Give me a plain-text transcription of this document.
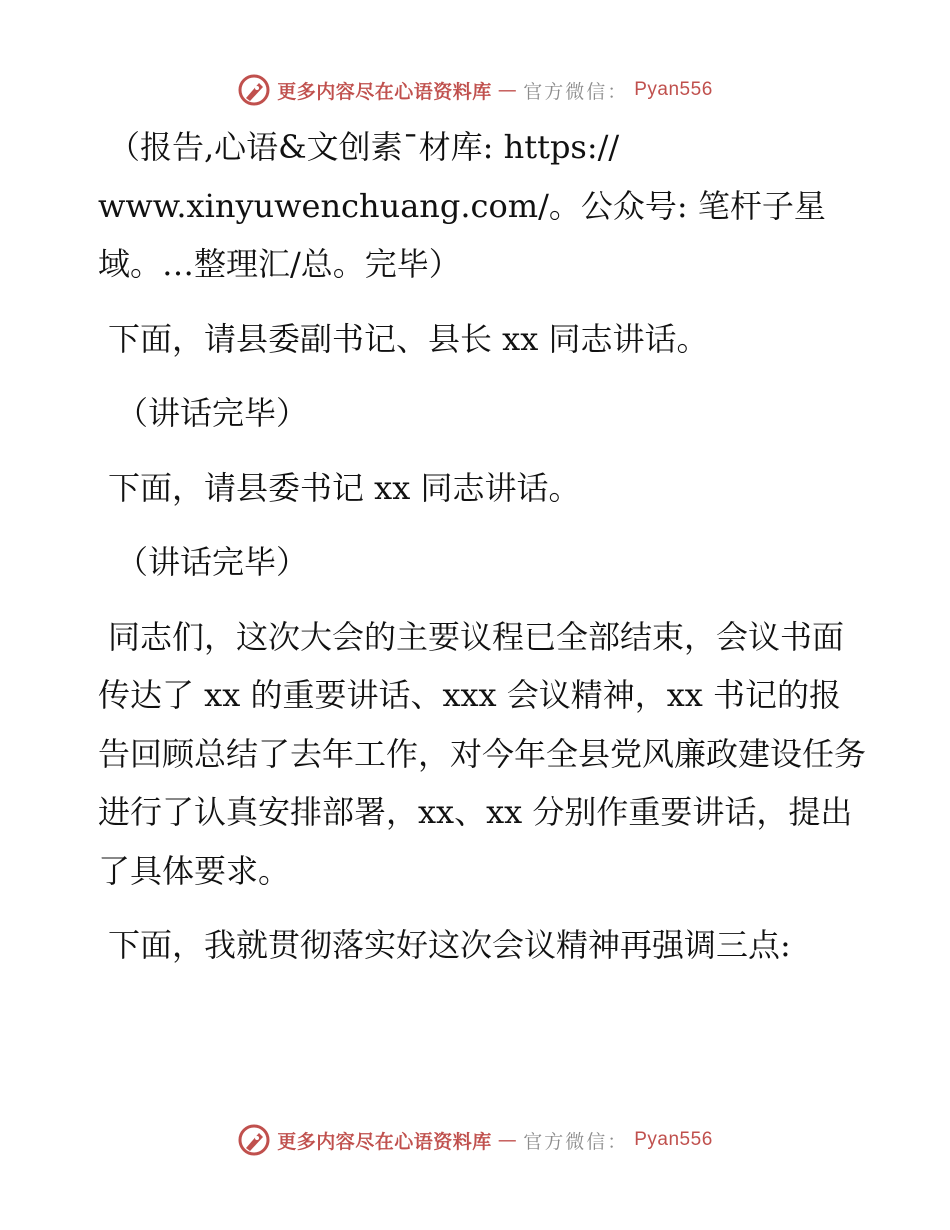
更多内容尽在心语资料库 — 官方微信： Pyan556

（报告,心语&文创素¯材库: https:// www.xinyuwenchuang.com/。公众号: 笔杆子星域。…整理汇/总。完毕）

下面，请县委副书记、县长 xx 同志讲话。

（讲话完毕）

下面，请县委书记 xx 同志讲话。

（讲话完毕）

同志们，这次大会的主要议程已全部结束，会议书面传达了 xx 的重要讲话、xxx 会议精神，xx 书记的报告回顾总结了去年工作，对今年全县党风廉政建设任务进行了认真安排部署，xx、xx 分别作重要讲话，提出了具体要求。

下面，我就贯彻落实好这次会议精神再强调三点:

更多内容尽在心语资料库 — 官方微信： Pyan556
